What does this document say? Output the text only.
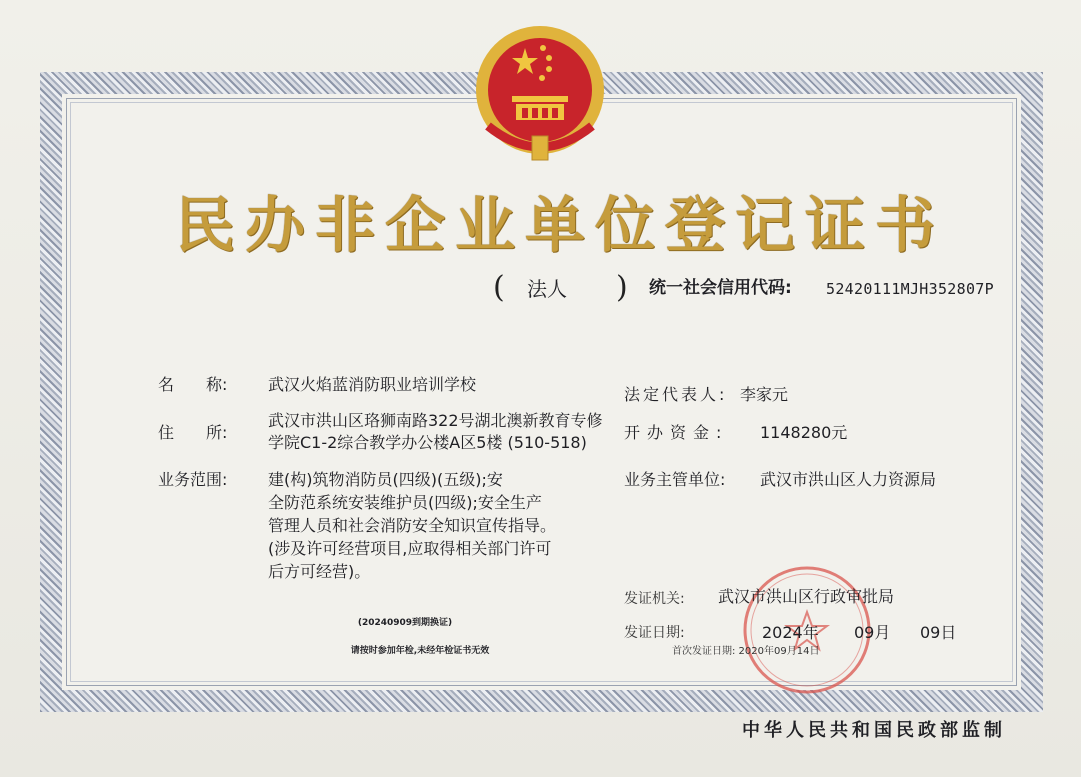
民办非企业单位登记证书
( 法人 ) 统一社会信用代码: 52420111MJH352807P
名　　称:	武汉火焰蓝消防职业培训学校
住　　所:
武汉市洪山区珞狮南路322号湖北澳新教育专修
学院C1-2综合教学办公楼A区5楼 (510-518)
业务范围:	建(构)筑物消防员(四级)(五级);安
全防范系统安装维护员(四级);安全生产
管理人员和社会消防安全知识宣传指导。
(涉及许可经营项目,应取得相关部门许可
后方可经营)。
法定代表人: 李家元
开办资金: 1148280元
业务主管单位: 武汉市洪山区人力资源局
(20240909到期换证)
请按时参加年检,未经年检证书无效
发证机关: 武汉市洪山区行政审批局
发证日期:	2024年 09月 09日
首次发证日期: 2020年09月14日
中华人民共和国民政部监制
